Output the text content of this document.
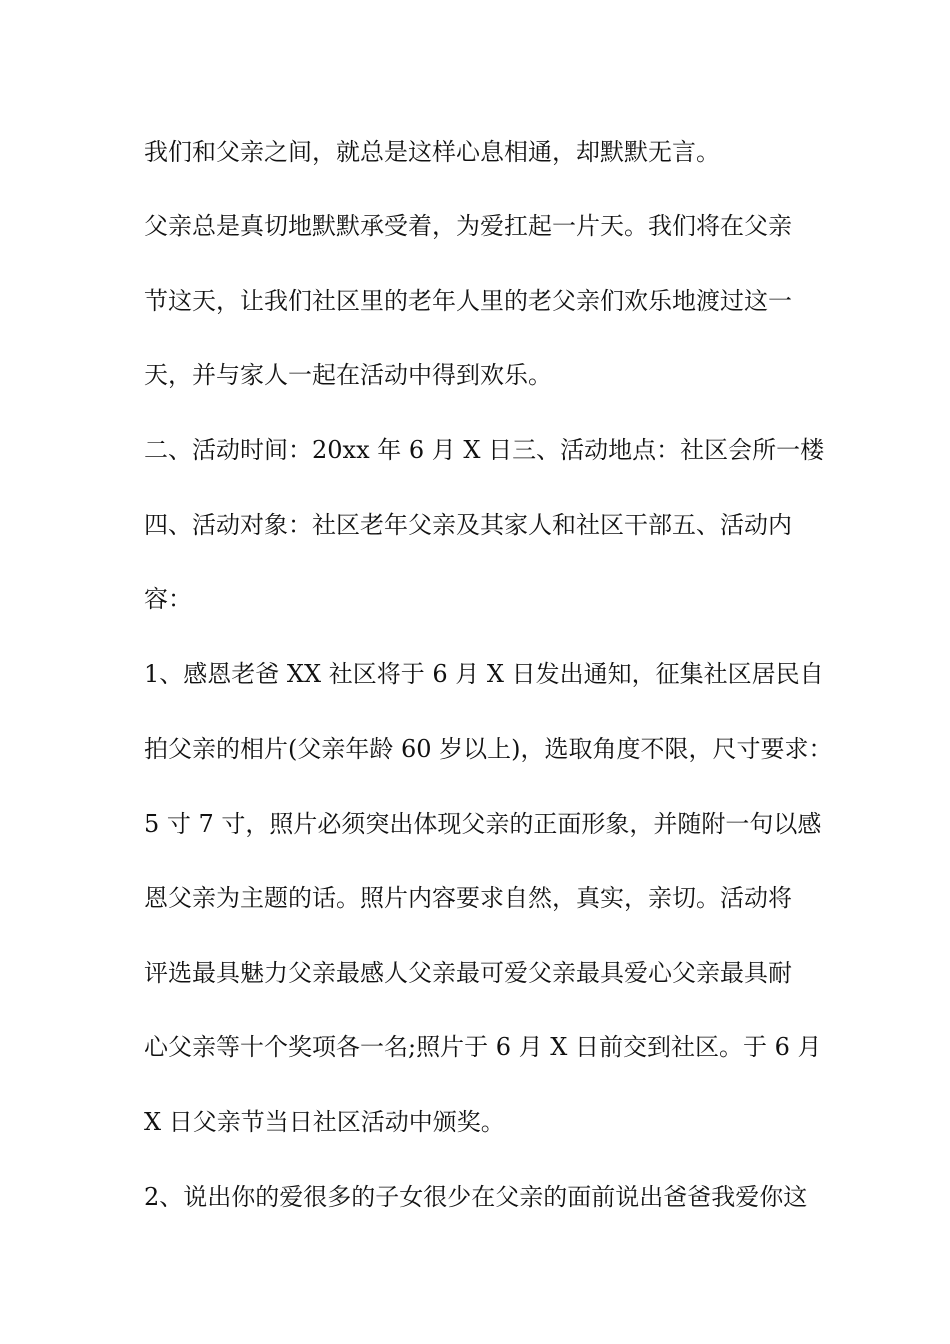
我们和父亲之间，就总是这样心息相通，却默默无言。

父亲总是真切地默默承受着，为爱扛起一片天。我们将在父亲

节这天，让我们社区里的老年人里的老父亲们欢乐地渡过这一

天，并与家人一起在活动中得到欢乐。

二、活动时间：20xx 年 6 月 X 日三、活动地点：社区会所一楼

四、活动对象：社区老年父亲及其家人和社区干部五、活动内

容：

1、感恩老爸 XX 社区将于 6 月 X 日发出通知，征集社区居民自

拍父亲的相片(父亲年龄 60 岁以上)，选取角度不限，尺寸要求：

5 寸 7 寸，照片必须突出体现父亲的正面形象，并随附一句以感

恩父亲为主题的话。照片内容要求自然，真实，亲切。活动将

评选最具魅力父亲最感人父亲最可爱父亲最具爱心父亲最具耐

心父亲等十个奖项各一名;照片于 6 月 X 日前交到社区。于 6 月

X 日父亲节当日社区活动中颁奖。

2、说出你的爱很多的子女很少在父亲的面前说出爸爸我爱你这
